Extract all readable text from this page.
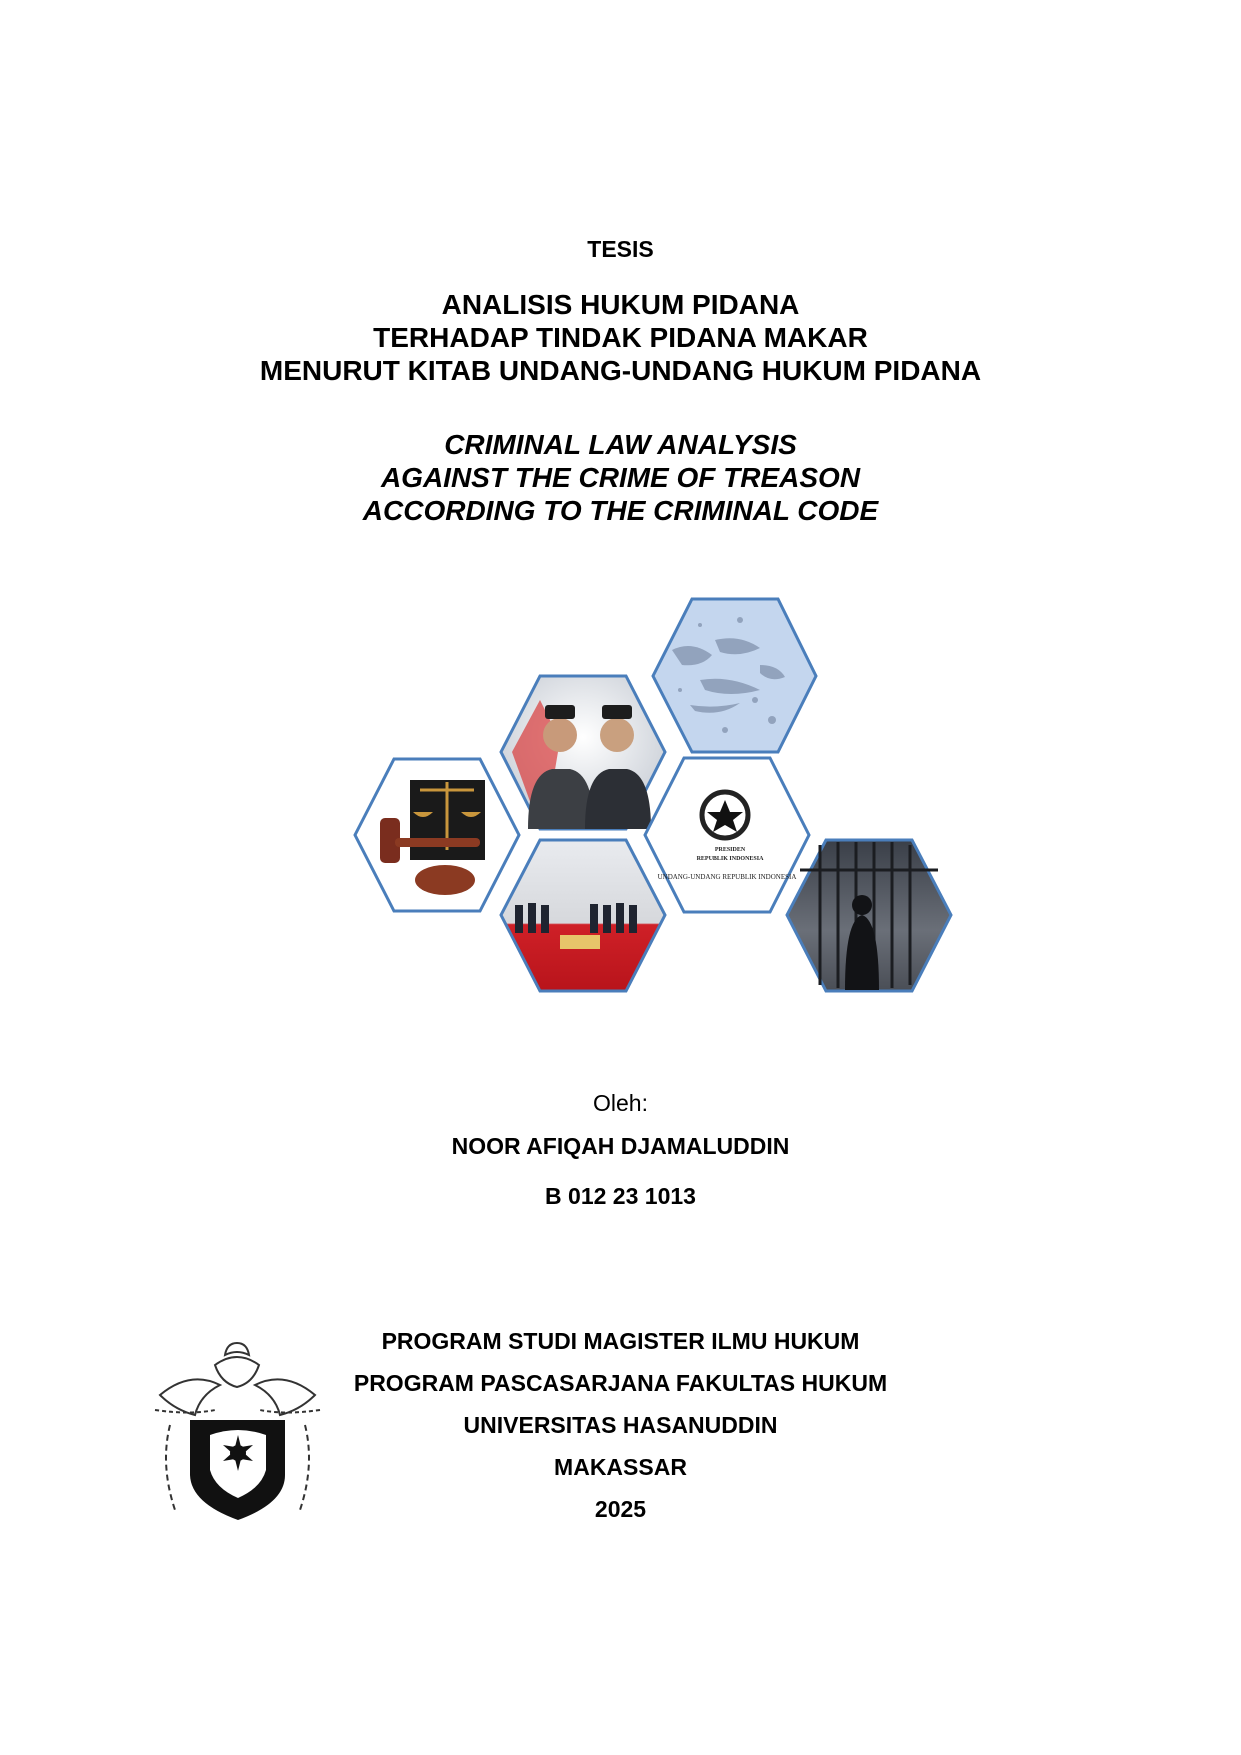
TESIS
ANALISIS HUKUM PIDANA
TERHADAP TINDAK PIDANA MAKAR
MENURUT KITAB UNDANG-UNDANG HUKUM PIDANA
CRIMINAL LAW ANALYSIS
AGAINST THE CRIME OF TREASON
ACCORDING TO THE CRIMINAL CODE
PRESIDEN
REPUBLIK INDONESIA
UNDANG-UNDANG REPUBLIK INDONESIA
Oleh:
NOOR AFIQAH DJAMALUDDIN
B 012 23 1013
PROGRAM STUDI MAGISTER ILMU HUKUM
PROGRAM PASCASARJANA FAKULTAS HUKUM
UNIVERSITAS HASANUDDIN
MAKASSAR
2025
